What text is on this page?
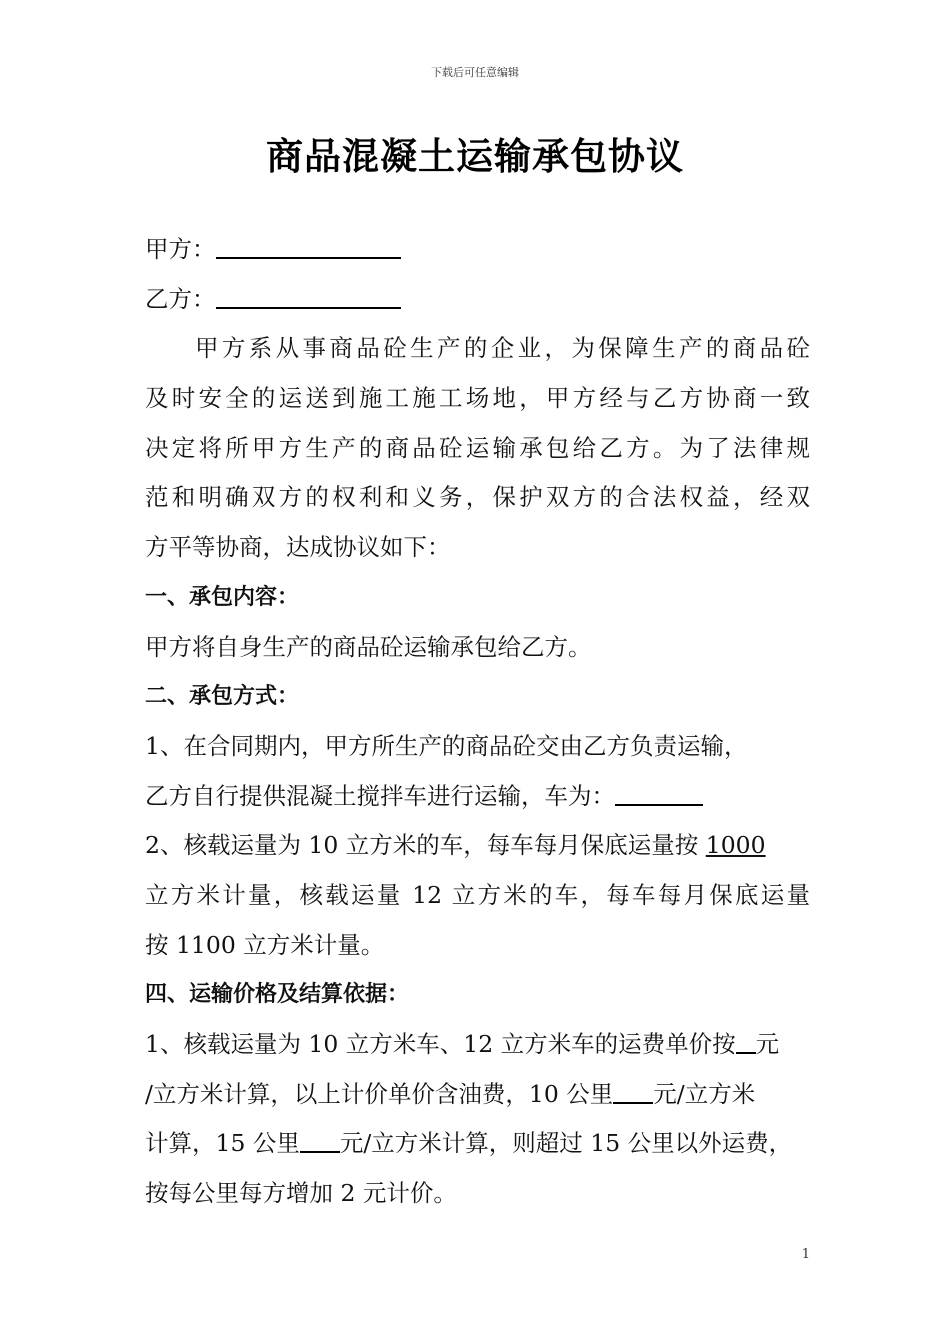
下载后可任意编辑
商品混凝土运输承包协议
甲方：
乙方：
甲方系从事商品砼生产的企业，为保障生产的商品砼
及时安全的运送到施工施工场地，甲方经与乙方协商一致
决定将所甲方生产的商品砼运输承包给乙方。为了法律规
范和明确双方的权利和义务，保护双方的合法权益，经双
方平等协商，达成协议如下：
一、承包内容：
甲方将自身生产的商品砼运输承包给乙方。
二、承包方式：
1、在合同期内，甲方所生产的商品砼交由乙方负责运输，
乙方自行提供混凝土搅拌车进行运输，车为：
2、核载运量为 10 立方米的车，每车每月保底运量按 1000
立方米计量，核载运量 12 立方米的车，每车每月保底运量
按 1100 立方米计量。
四、运输价格及结算依据：
1、核载运量为 10 立方米车、12 立方米车的运费单价按 元
/立方米计算，以上计价单价含油费，10 公里 元/立方米
计算，15 公里 元/立方米计算，则超过 15 公里以外运费，
按每公里每方增加 2 元计价。
1
